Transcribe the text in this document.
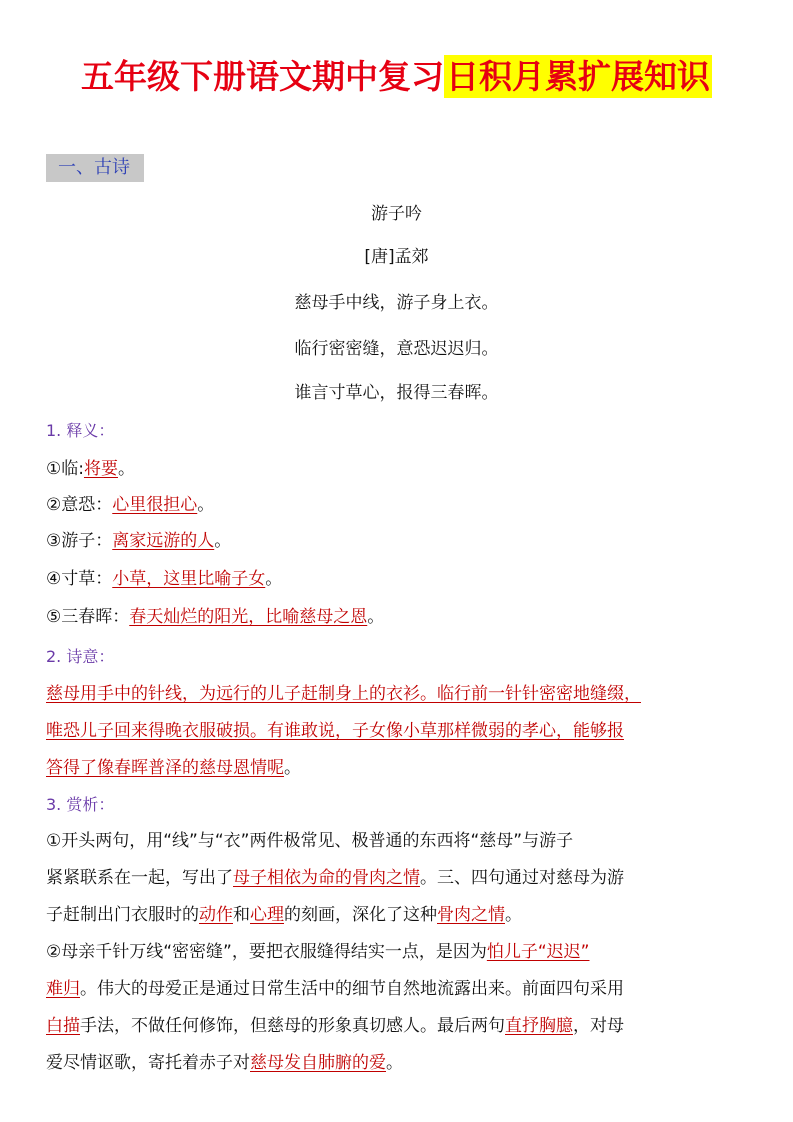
五年级下册语文期中复习日积月累扩展知识
一、古诗
游子吟
[唐]孟郊
慈母手中线，游子身上衣。
临行密密缝，意恐迟迟归。
谁言寸草心，报得三春晖。
1. 释义：
①临:将要。
②意恐：心里很担心。
③游子：离家远游的人。
④寸草：小草，这里比喻子女。
⑤三春晖：春天灿烂的阳光，比喻慈母之恩。
2. 诗意：
慈母用手中的针线，为远行的儿子赶制身上的衣衫。临行前一针针密密地缝缀，
唯恐儿子回来得晚衣服破损。有谁敢说，子女像小草那样微弱的孝心，能够报
答得了像春晖普泽的慈母恩情呢。
3. 赏析：
①开头两句，用“线”与“衣”两件极常见、极普通的东西将“慈母”与游子
紧紧联系在一起，写出了母子相依为命的骨肉之情。三、四句通过对慈母为游
子赶制出门衣服时的动作和心理的刻画，深化了这种骨肉之情。
②母亲千针万线“密密缝”，要把衣服缝得结实一点，是因为怕儿子“迟迟”
难归。伟大的母爱正是通过日常生活中的细节自然地流露出来。前面四句采用
白描手法，不做任何修饰，但慈母的形象真切感人。最后两句直抒胸臆，对母
爱尽情讴歌，寄托着赤子对慈母发自肺腑的爱。
